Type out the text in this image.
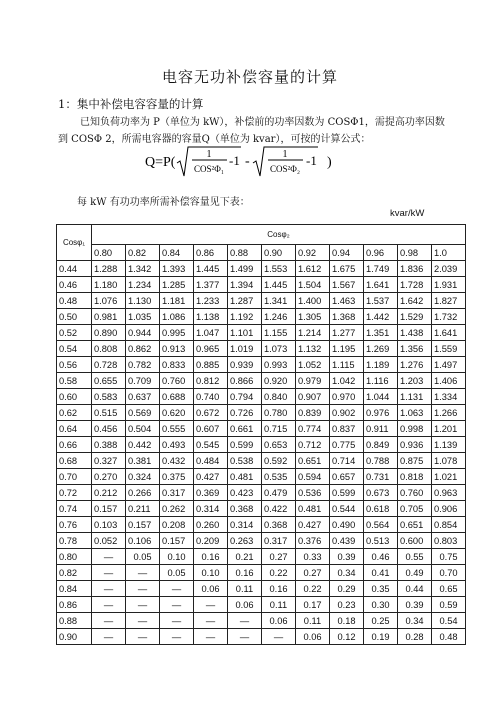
电容无功补偿容量的计算
1：集中补偿电容容量的计算
已知负荷功率为 P（单位为 kW），补偿前的功率因数为 COSΦ1，需提高功率因数到 COSΦ 2，所需电容器的容量Q（单位为 kvar），可按的计算公式：
Q=P(
1
COS²Φ₁
-1 -	1
COS²Φ₂
-1 )
每 kW 有功功率所需补偿容量见下表：
kvar/kW
Cosφ₁	Cosφ₂										
	0.80	0.82	0.84	0.86	0.88	0.90	0.92	0.94	0.96	0.98	1.0
0.44	1.288	1.342	1.393	1.445	1.499	1.553	1.612	1.675	1.749	1.836	2.039
0.46	1.180	1.234	1.285	1.377	1.394	1.445	1.504	1.567	1.641	1.728	1.931
0.48	1.076	1.130	1.181	1.233	1.287	1.341	1.400	1.463	1.537	1.642	1.827
0.50	0.981	1.035	1.086	1.138	1.192	1.246	1.305	1.368	1.442	1.529	1.732
0.52	0.890	0.944	0.995	1.047	1.101	1.155	1.214	1.277	1.351	1.438	1.641
0.54	0.808	0.862	0.913	0.965	1.019	1.073	1.132	1.195	1.269	1.356	1.559
0.56	0.728	0.782	0.833	0.885	0.939	0.993	1.052	1.115	1.189	1.276	1.497
0.58	0.655	0.709	0.760	0.812	0.866	0.920	0.979	1.042	1.116	1.203	1.406
0.60	0.583	0.637	0.688	0.740	0.794	0.840	0.907	0.970	1.044	1.131	1.334
0.62	0.515	0.569	0.620	0.672	0.726	0.780	0.839	0.902	0.976	1.063	1.266
0.64	0.456	0.504	0.555	0.607	0.661	0.715	0.774	0.837	0.911	0.998	1.201
0.66	0.388	0.442	0.493	0.545	0.599	0.653	0.712	0.775	0.849	0.936	1.139
0.68	0.327	0.381	0.432	0.484	0.538	0.592	0.651	0.714	0.788	0.875	1.078
0.70	0.270	0.324	0.375	0.427	0.481	0.535	0.594	0.657	0.731	0.818	1.021
0.72	0.212	0.266	0.317	0.369	0.423	0.479	0.536	0.599	0.673	0.760	0.963
0.74	0.157	0.211	0.262	0.314	0.368	0.422	0.481	0.544	0.618	0.705	0.906
0.76	0.103	0.157	0.208	0.260	0.314	0.368	0.427	0.490	0.564	0.651	0.854
0.78	0.052	0.106	0.157	0.209	0.263	0.317	0.376	0.439	0.513	0.600	0.803
0.80	—	0.05	0.10	0.16	0.21	0.27	0.33	0.39	0.46	0.55	0.75
0.82	—	—	0.05	0.10	0.16	0.22	0.27	0.34	0.41	0.49	0.70
0.84	—	—	—	0.06	0.11	0.16	0.22	0.29	0.35	0.44	0.65
0.86	—	—	—	—	0.06	0.11	0.17	0.23	0.30	0.39	0.59
0.88	—	—	—	—	—	0.06	0.11	0.18	0.25	0.34	0.54
0.90	—	—	—	—	—	—	0.06	0.12	0.19	0.28	0.48
